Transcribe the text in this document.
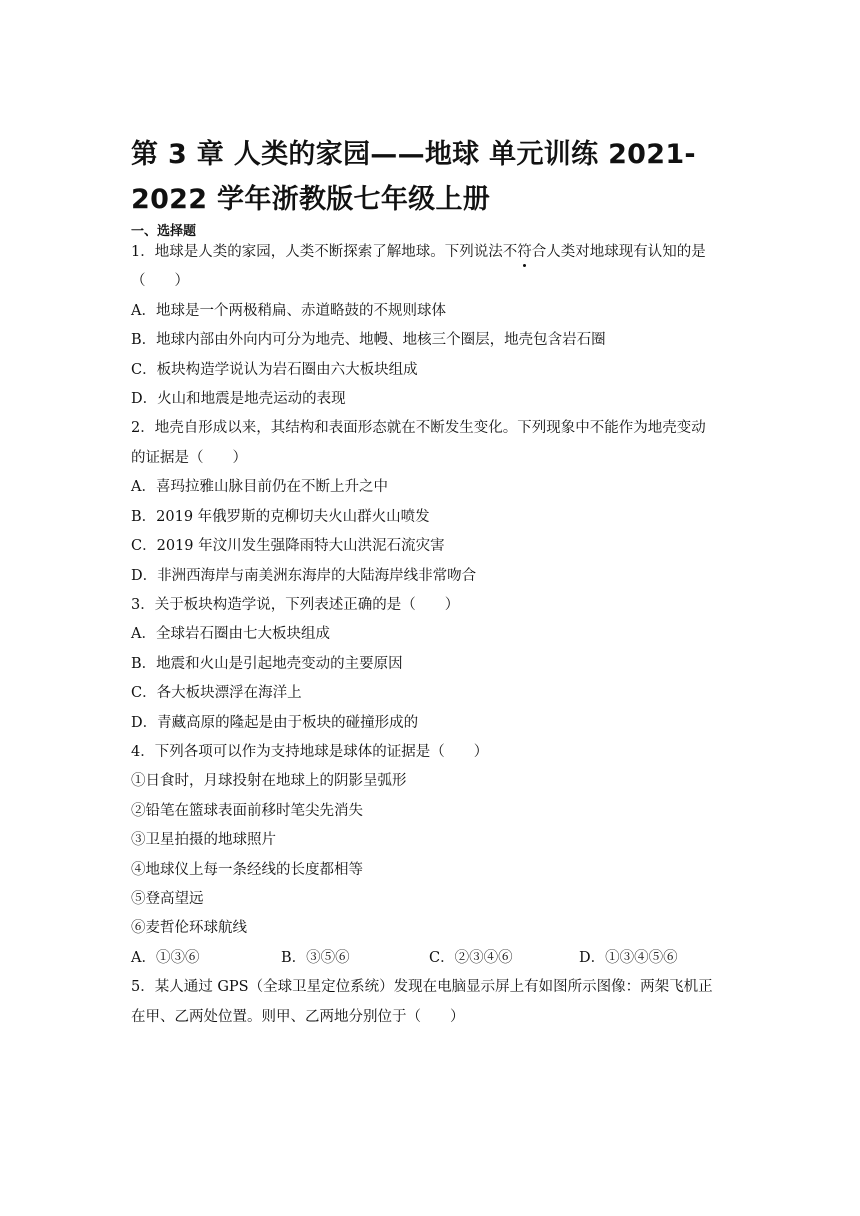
第 3 章 人类的家园——地球 单元训练 2021-2022 学年浙教版七年级上册
一、选择题
1．地球是人类的家园，人类不断探索了解地球。下列说法不符合人类对地球现有认知的是
（　　）
A．地球是一个两极稍扁、赤道略鼓的不规则球体
B．地球内部由外向内可分为地壳、地幔、地核三个圈层，地壳包含岩石圈
C．板块构造学说认为岩石圈由六大板块组成
D．火山和地震是地壳运动的表现
2．地壳自形成以来，其结构和表面形态就在不断发生变化。下列现象中不能作为地壳变动
的证据是（　　）
A．喜玛拉雅山脉目前仍在不断上升之中
B．2019 年俄罗斯的克柳切夫火山群火山喷发
C．2019 年汶川发生强降雨特大山洪泥石流灾害
D．非洲西海岸与南美洲东海岸的大陆海岸线非常吻合
3．关于板块构造学说，下列表述正确的是（　　）
A．全球岩石圈由七大板块组成
B．地震和火山是引起地壳变动的主要原因
C．各大板块漂浮在海洋上
D．青藏高原的隆起是由于板块的碰撞形成的
4．下列各项可以作为支持地球是球体的证据是（　　）
①日食时，月球投射在地球上的阴影呈弧形
②铅笔在篮球表面前移时笔尖先消失
③卫星拍摄的地球照片
④地球仪上每一条经线的长度都相等
⑤登高望远
⑥麦哲伦环球航线
A．①③⑥	B．③⑤⑥	C．②③④⑥	D．①③④⑤⑥
5．某人通过 GPS（全球卫星定位系统）发现在电脑显示屏上有如图所示图像：两架飞机正
在甲、乙两处位置。则甲、乙两地分别位于（　　）
